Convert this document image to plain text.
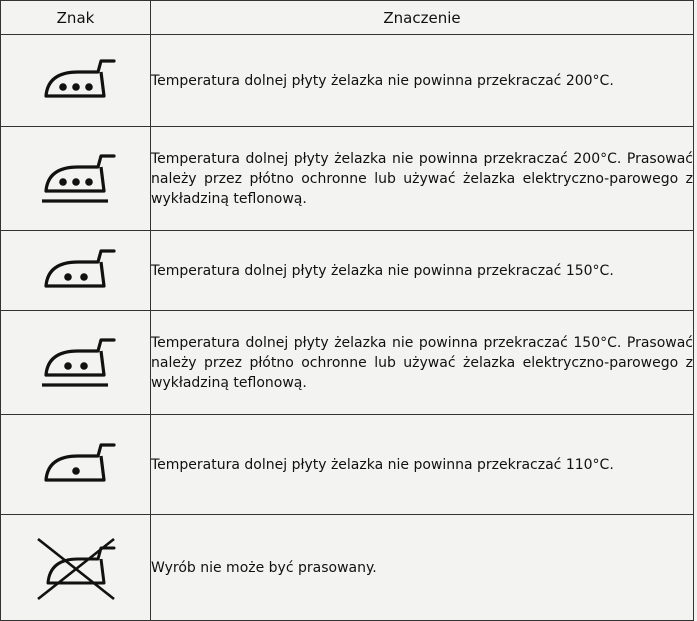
Znak	Znaczenie

	Temperatura dolnej płyty żelazka nie powinna przekraczać 200°C.

	Temperatura dolnej płyty żelazka nie powinna przekraczać 200°C. Prasować należy przez płótno ochronne lub używać żelazka elektryczno-parowego z wykładziną teflonową.

	Temperatura dolnej płyty żelazka nie powinna przekraczać 150°C.

	Temperatura dolnej płyty żelazka nie powinna przekraczać 150°C. Prasować należy przez płótno ochronne lub używać żelazka elektryczno-parowego z wykładziną teflonową.

	Temperatura dolnej płyty żelazka nie powinna przekraczać 110°C.

	Wyrób nie może być prasowany.
